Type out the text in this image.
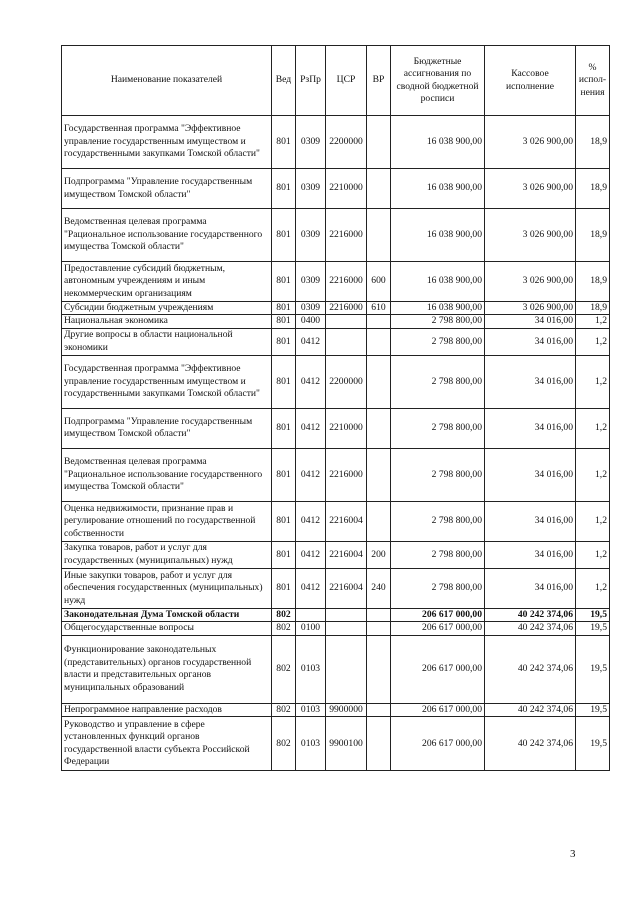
Наименование показателей	Вед	РзПр	ЦСР	ВР	Бюджетные ассигнования по сводной бюджетной росписи	Кассовое исполнение	% испол-нения
Государственная программа "Эффективное управление государственным имуществом и государственными закупками Томской области"	801	0309	2200000		16 038 900,00	3 026 900,00	18,9
Подпрограмма "Управление государственным имуществом Томской области"	801	0309	2210000		16 038 900,00	3 026 900,00	18,9
Ведомственная целевая программа "Рациональное использование государственного имущества Томской области"	801	0309	2216000		16 038 900,00	3 026 900,00	18,9
Предоставление субсидий бюджетным, автономным учреждениям и иным некоммерческим организациям	801	0309	2216000	600	16 038 900,00	3 026 900,00	18,9
Субсидии бюджетным учреждениям	801	0309	2216000	610	16 038 900,00	3 026 900,00	18,9
Национальная экономика	801	0400			2 798 800,00	34 016,00	1,2
Другие вопросы в области национальной экономики	801	0412			2 798 800,00	34 016,00	1,2
Государственная программа "Эффективное управление государственным имуществом и государственными закупками Томской области"	801	0412	2200000		2 798 800,00	34 016,00	1,2
Подпрограмма "Управление государственным имуществом Томской области"	801	0412	2210000		2 798 800,00	34 016,00	1,2
Ведомственная целевая программа "Рациональное использование государственного имущества Томской области"	801	0412	2216000		2 798 800,00	34 016,00	1,2
Оценка недвижимости, признание прав и регулирование отношений по государственной собственности	801	0412	2216004		2 798 800,00	34 016,00	1,2
Закупка товаров, работ и услуг для государственных (муниципальных) нужд	801	0412	2216004	200	2 798 800,00	34 016,00	1,2
Иные закупки товаров, работ и услуг для обеспечения государственных (муниципальных) нужд	801	0412	2216004	240	2 798 800,00	34 016,00	1,2
Законодательная Дума Томской области	802				206 617 000,00	40 242 374,06	19,5
Общегосударственные вопросы	802	0100			206 617 000,00	40 242 374,06	19,5
Функционирование законодательных (представительных) органов государственной власти и представительных органов муниципальных образований	802	0103			206 617 000,00	40 242 374,06	19,5
Непрограммное направление расходов	802	0103	9900000		206 617 000,00	40 242 374,06	19,5
Руководство и управление в сфере установленных функций органов государственной власти субъекта Российской Федерации	802	0103	9900100		206 617 000,00	40 242 374,06	19,5
3
